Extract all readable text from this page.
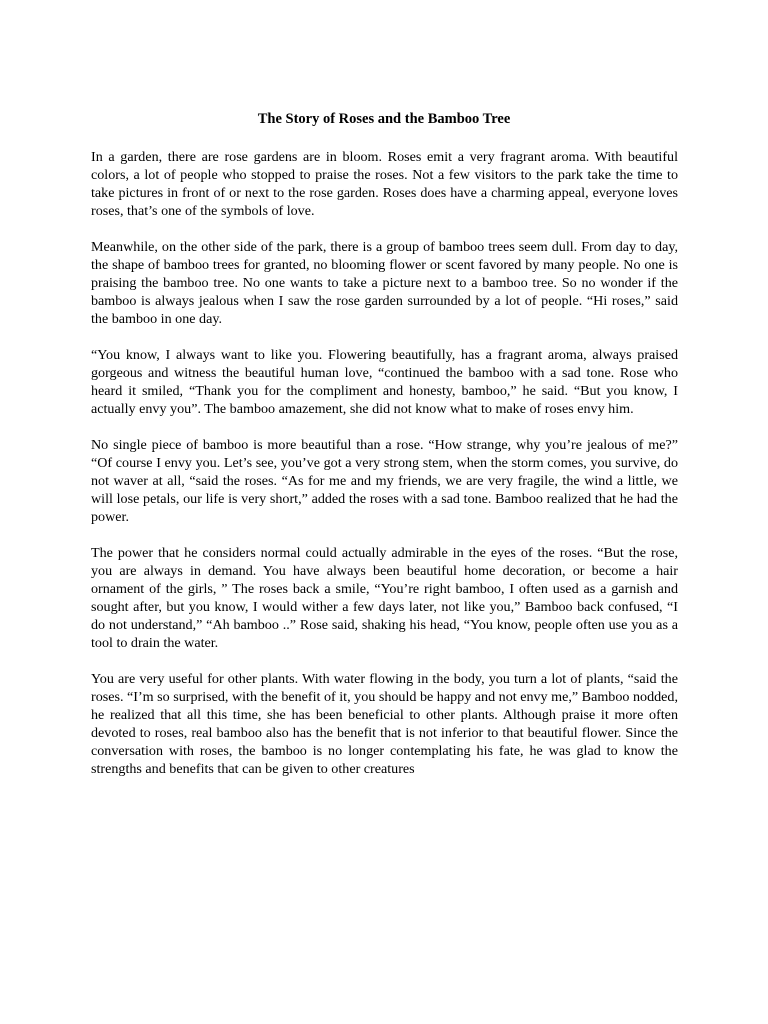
The Story of Roses and the Bamboo Tree

In a garden, there are rose gardens are in bloom. Roses emit a very fragrant aroma. With beautiful colors, a lot of people who stopped to praise the roses. Not a few visitors to the park take the time to take pictures in front of or next to the rose garden. Roses does have a charming appeal, everyone loves roses, that’s one of the symbols of love.

Meanwhile, on the other side of the park, there is a group of bamboo trees seem dull. From day to day, the shape of bamboo trees for granted, no blooming flower or scent favored by many people. No one is praising the bamboo tree. No one wants to take a picture next to a bamboo tree. So no wonder if the bamboo is always jealous when I saw the rose garden surrounded by a lot of people. “Hi roses,” said the bamboo in one day.

“You know, I always want to like you. Flowering beautifully, has a fragrant aroma, always praised gorgeous and witness the beautiful human love, “continued the bamboo with a sad tone. Rose who heard it smiled, “Thank you for the compliment and honesty, bamboo,” he said. “But you know, I actually envy you”. The bamboo amazement, she did not know what to make of roses envy him.

No single piece of bamboo is more beautiful than a rose. “How strange, why you’re jealous of me?” “Of course I envy you. Let’s see, you’ve got a very strong stem, when the storm comes, you survive, do not waver at all, “said the roses. “As for me and my friends, we are very fragile, the wind a little, we will lose petals, our life is very short,” added the roses with a sad tone. Bamboo realized that he had the power.

The power that he considers normal could actually admirable in the eyes of the roses. “But the rose, you are always in demand. You have always been beautiful home decoration, or become a hair ornament of the girls, ” The roses back a smile, “You’re right bamboo, I often used as a garnish and sought after, but you know, I would wither a few days later, not like you,” Bamboo back confused, “I do not understand,” “Ah bamboo ..” Rose said, shaking his head, “You know, people often use you as a tool to drain the water.

You are very useful for other plants. With water flowing in the body, you turn a lot of plants, “said the roses. “I’m so surprised, with the benefit of it, you should be happy and not envy me,” Bamboo nodded, he realized that all this time, she has been beneficial to other plants. Although praise it more often devoted to roses, real bamboo also has the benefit that is not inferior to that beautiful flower. Since the conversation with roses, the bamboo is no longer contemplating his fate, he was glad to know the strengths and benefits that can be given to other creatures
